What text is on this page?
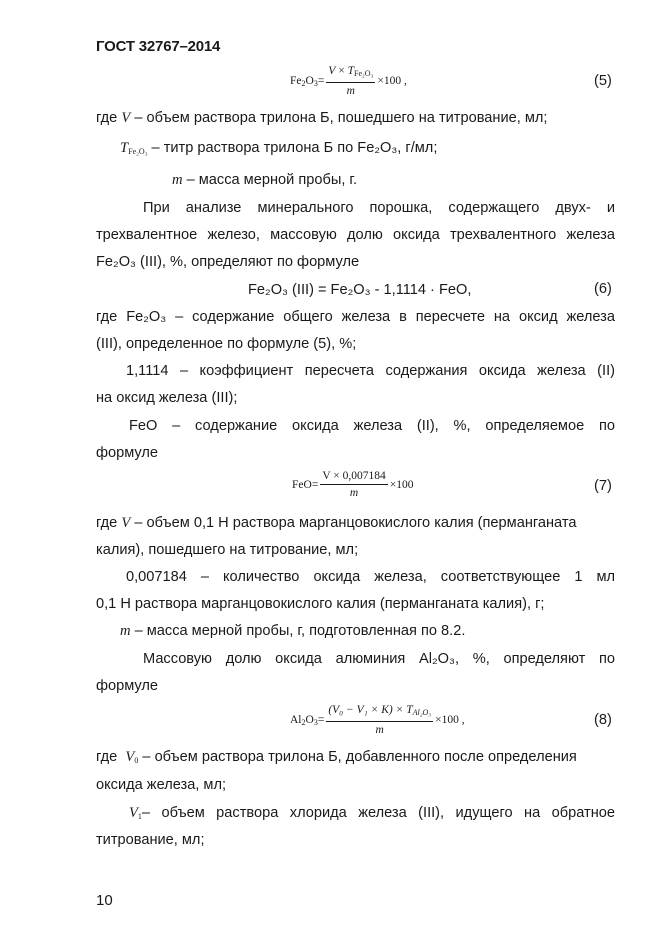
ГОСТ 32767–2014
$Fe_2O_3 = \frac{V \times T_{Fe_2O_3}}{m} \times 100$ ,	(5)
где V – объем раствора трилона Б, пошедшего на титрование, мл;
$T_{Fe_2O_3}$ – титр раствора трилона Б по Fe₂O₃, г/мл;
m – масса мерной пробы, г.
При анализе минерального порошка, содержащего двух- и
трехвалентное железо, массовую долю оксида трехвалентного железа
Fe₂O₃ (III), %, определяют по формуле
Fe₂O₃ (III) = Fe₂O₃ - 1,1114 · FeO,	(6)
где Fe₂O₃ – содержание общего железа в пересчете на оксид железа
(III), определенное по формуле (5), %;
1,1114 – коэффициент пересчета содержания оксида железа (II)
на оксид железа (III);
FeO – содержание оксида железа (II), %, определяемое по
формуле
FeO = $\frac{V \times 0,007184}{m} \times 100$	(7)
где V – объем 0,1 Н раствора марганцовокислого калия (перманганата
калия), пошедшего на титрование, мл;
0,007184 – количество оксида железа, соответствующее 1 мл
0,1 Н раствора марганцовокислого калия (перманганата калия), г;
m – масса мерной пробы, г, подготовленная по 8.2.
Массовую долю оксида алюминия Al₂O₃, %, определяют по
формуле
$Al_2O_3 = \frac{(V_0 - V_1 \times K) \times T_{Al_2O_3}}{m} \times 100$ ,	(8)
где  $V_0$ – объем раствора трилона Б, добавленного после определения
оксида железа, мл;
$V_1$ – объем раствора хлорида железа (III), идущего на обратное
титрование, мл;
10
